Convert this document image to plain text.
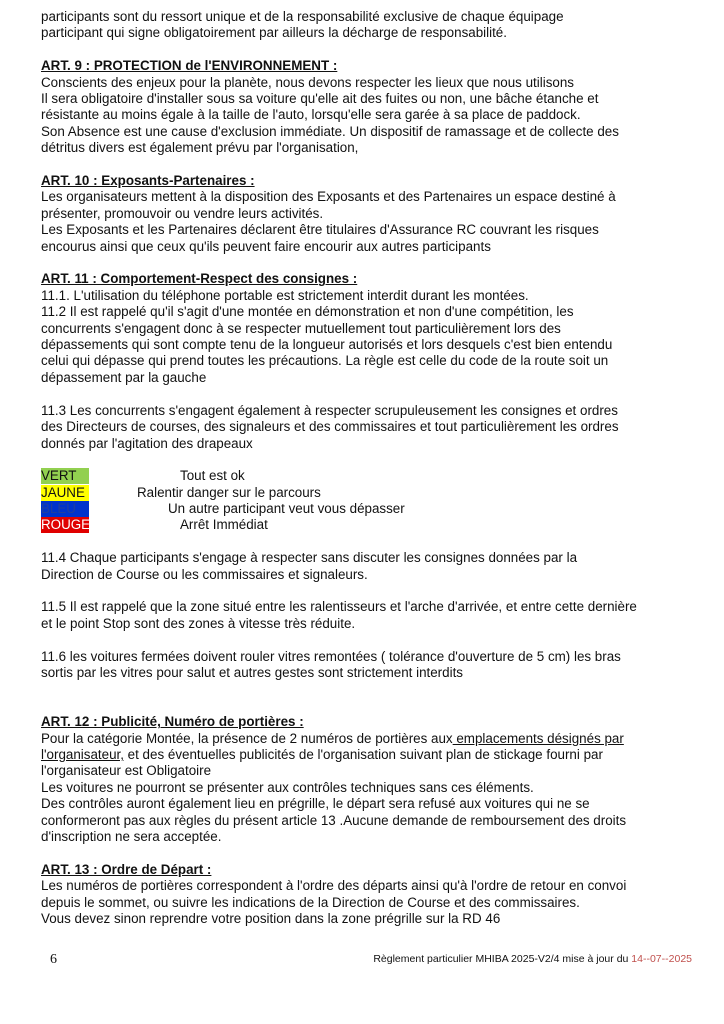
participants sont du ressort unique et de la responsabilité exclusive de chaque équipage

participant qui signe obligatoirement par ailleurs la décharge de responsabilité.

ART. 9 : PROTECTION de l'ENVIRONNEMENT :

Conscients des enjeux pour la planète, nous devons respecter les lieux que nous utilisons

Il sera obligatoire d'installer sous sa voiture qu'elle ait des fuites ou non, une bâche étanche et

résistante au moins égale à la taille de l'auto, lorsqu'elle sera garée à sa place de paddock.

Son Absence est une cause d'exclusion immédiate. Un dispositif de ramassage et de collecte des

détritus divers est également prévu par l'organisation,

ART. 10 : Exposants-Partenaires :

Les organisateurs mettent à la disposition des Exposants et des Partenaires un espace destiné à

présenter, promouvoir ou vendre leurs activités.

Les Exposants et les Partenaires déclarent être titulaires d'Assurance RC couvrant les risques

encourus ainsi que ceux qu'ils peuvent faire encourir aux autres participants

ART. 11 : Comportement-Respect des consignes :

11.1. L'utilisation du téléphone portable est strictement interdit durant les montées.

11.2 Il est rappelé qu'il s'agit d'une montée en démonstration et non d'une compétition, les

concurrents s'engagent donc à se respecter mutuellement tout particulièrement lors des

dépassements qui sont compte tenu de la longueur autorisés et lors desquels c'est bien entendu

celui qui dépasse qui prend toutes les précautions. La règle est celle du code de la route soit un

dépassement par la gauche

11.3 Les concurrents s'engagent également à respecter scrupuleusement les consignes et ordres

des Directeurs de courses, des signaleurs et des commissaires et tout particulièrement les ordres

donnés par l'agitation des drapeaux

VERT	Tout est ok
JAUNE	Ralentir danger sur le parcours
BLEU	Un autre participant veut vous dépasser
ROUGE	Arrêt Immédiat

11.4 Chaque participants s'engage à respecter sans discuter les consignes données par la

Direction de Course ou les commissaires et signaleurs.

11.5 Il est rappelé que la zone situé entre les ralentisseurs et l'arche d'arrivée, et entre cette dernière

et le point Stop sont des zones à vitesse très réduite.

11.6 les voitures fermées doivent rouler vitres remontées ( tolérance d'ouverture de 5 cm) les bras

sortis par les vitres pour salut et autres gestes sont strictement interdits

ART. 12 : Publicité, Numéro de portières :

Pour la catégorie Montée, la présence de 2 numéros de portières aux emplacements désignés par

l'organisateur, et des éventuelles publicités de l'organisation suivant plan de stickage fourni par

l'organisateur est Obligatoire

Les voitures ne pourront se présenter aux contrôles techniques sans ces éléments.

Des contrôles auront également lieu en prégrille, le départ sera refusé aux voitures qui ne se

conformeront pas aux règles du présent article 13 .Aucune demande de remboursement des droits

d'inscription ne sera acceptée.

ART. 13 : Ordre de Départ :

Les numéros de portières correspondent à l'ordre des départs ainsi qu'à l'ordre de retour en convoi

depuis le sommet, ou suivre les indications de la Direction de Course et des commissaires.

Vous devez sinon reprendre votre position dans la zone prégrille sur la RD 46

6	Règlement particulier MHIBA 2025-V2/4 mise à jour du 14--07--2025
